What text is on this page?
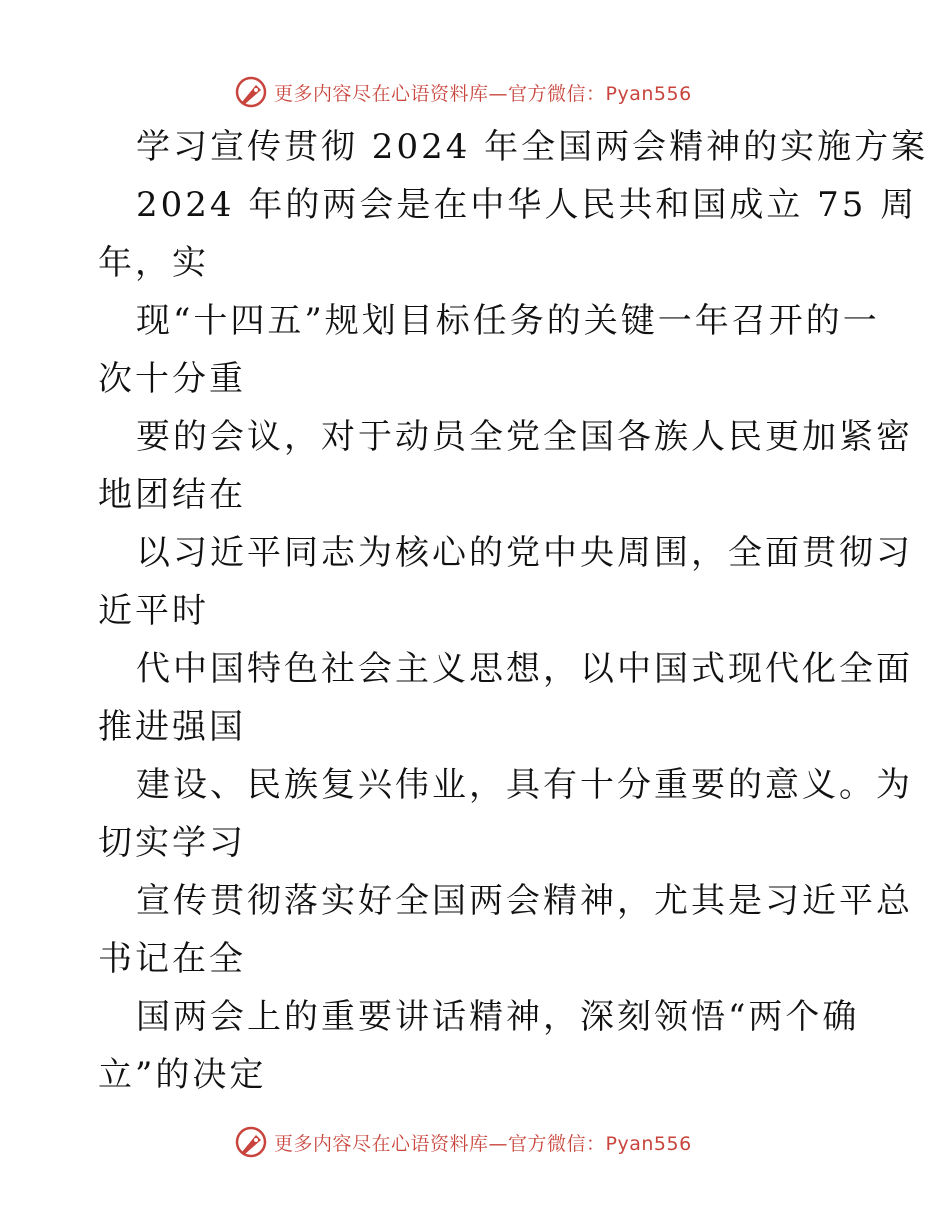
更多内容尽在心语资料库—官方微信：Pyan556
学习宣传贯彻 2024 年全国两会精神的实施方案
2024 年的两会是在中华人民共和国成立 75 周
年，实
现“十四五”规划目标任务的关键一年召开的一
次十分重
要的会议，对于动员全党全国各族人民更加紧密
地团结在
以习近平同志为核心的党中央周围，全面贯彻习
近平时
代中国特色社会主义思想，以中国式现代化全面
推进强国
建设、民族复兴伟业，具有十分重要的意义。为
切实学习
宣传贯彻落实好全国两会精神，尤其是习近平总
书记在全
国两会上的重要讲话精神，深刻领悟“两个确
立”的决定
更多内容尽在心语资料库—官方微信：Pyan556
